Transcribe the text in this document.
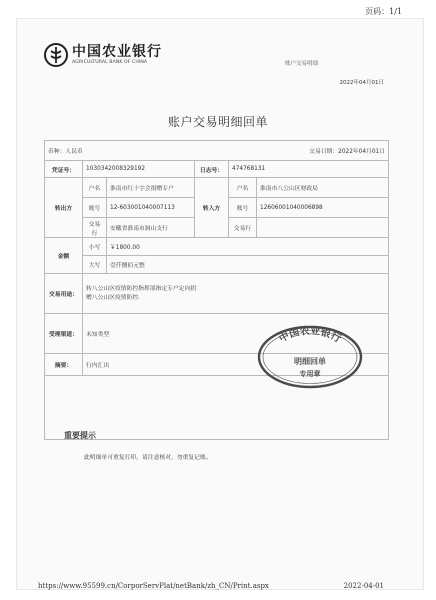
页码：1/1
中国农业银行
AGRICULTURAL BANK OF CHINA	账户交易明细
2022年04月01日
账户交易明细回单
币种：人民币 交易日期：2022年04月01日					

凭证号：	1030342008329192		日志号：	474768131	
转出方	户名	淮南市红十字会捐赠专户	转入方	户名	淮南市八公山区财政局
	账号	12-603001040007113		账号	12606001040006898
	交易行	安徽省淮南市洞山支行		交易行	
金额	小写	￥1800.00			
	大写	壹仟捌佰元整			
交易用途：	转八公山区疫情防控指挥部指定专户定向捐赠八公山区疫情防控.				
受理渠道：	未知类型				
摘要：	行内汇出				

中国农业银行
明细回单
专用章
重要提示
此明细单可重复打印，请注意核对，勿重复记账。
https://www.95599.cn/CorporServPlat/netBank/zh_CN/Print.aspx	2022-04-01
